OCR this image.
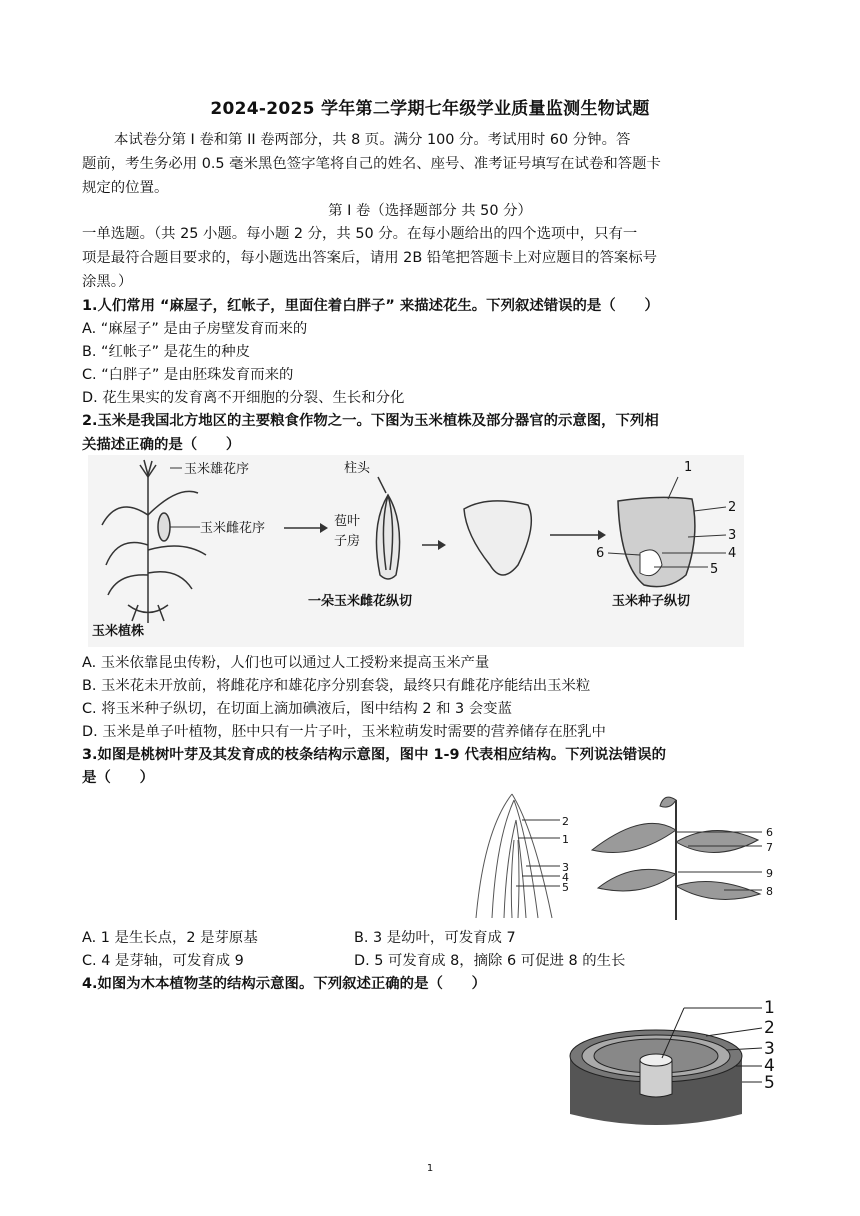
2024-2025 学年第二学期七年级学业质量监测生物试题
本试卷分第 Ⅰ 卷和第 II 卷两部分，共 8 页。满分 100 分。考试用时 60 分钟。答
题前，考生务必用 0.5 毫米黑色签字笔将自己的姓名、座号、准考证号填写在试卷和答题卡
规定的位置。
第 Ⅰ 卷（选择题部分 共 50 分）
一单选题。（共 25 小题。每小题 2 分，共 50 分。在每小题给出的四个选项中，只有一
项是最符合题目要求的，每小题选出答案后，请用 2B 铅笔把答题卡上对应题目的答案标号
涂黑。）
1.人们常用 “麻屋子，红帐子，里面住着白胖子” 来描述花生。下列叙述错误的是（　　）
A. “麻屋子” 是由子房壁发育而来的
B. “红帐子” 是花生的种皮
C. “白胖子” 是由胚珠发育而来的
D. 花生果实的发育离不开细胞的分裂、生长和分化
2.玉米是我国北方地区的主要粮食作物之一。下图为玉米植株及部分器官的示意图，下列相
关描述正确的是（　　）
玉米雄花序
玉米雌花序
玉米植株
柱头
苞叶
子房
一朵玉米雌花纵切
1
2
3
4
5
6
玉米种子纵切
A. 玉米依靠昆虫传粉，人们也可以通过人工授粉来提高玉米产量
B. 玉米花未开放前，将雌花序和雄花序分别套袋，最终只有雌花序能结出玉米粒
C. 将玉米种子纵切，在切面上滴加碘液后，图中结构 2 和 3 会变蓝
D. 玉米是单子叶植物，胚中只有一片子叶，玉米粒萌发时需要的营养储存在胚乳中
3.如图是桃树叶芽及其发育成的枝条结构示意图，图中 1-9 代表相应结构。下列说法错误的
是（　　）
2
1
3
4
5
6
7
9
8
A. 1 是生长点，2 是芽原基	B. 3 是幼叶，可发育成 7
C. 4 是芽轴，可发育成 9	D. 5 可发育成 8，摘除 6 可促进 8 的生长
4.如图为木本植物茎的结构示意图。下列叙述正确的是（　　）
1
2
3
4
5
1
